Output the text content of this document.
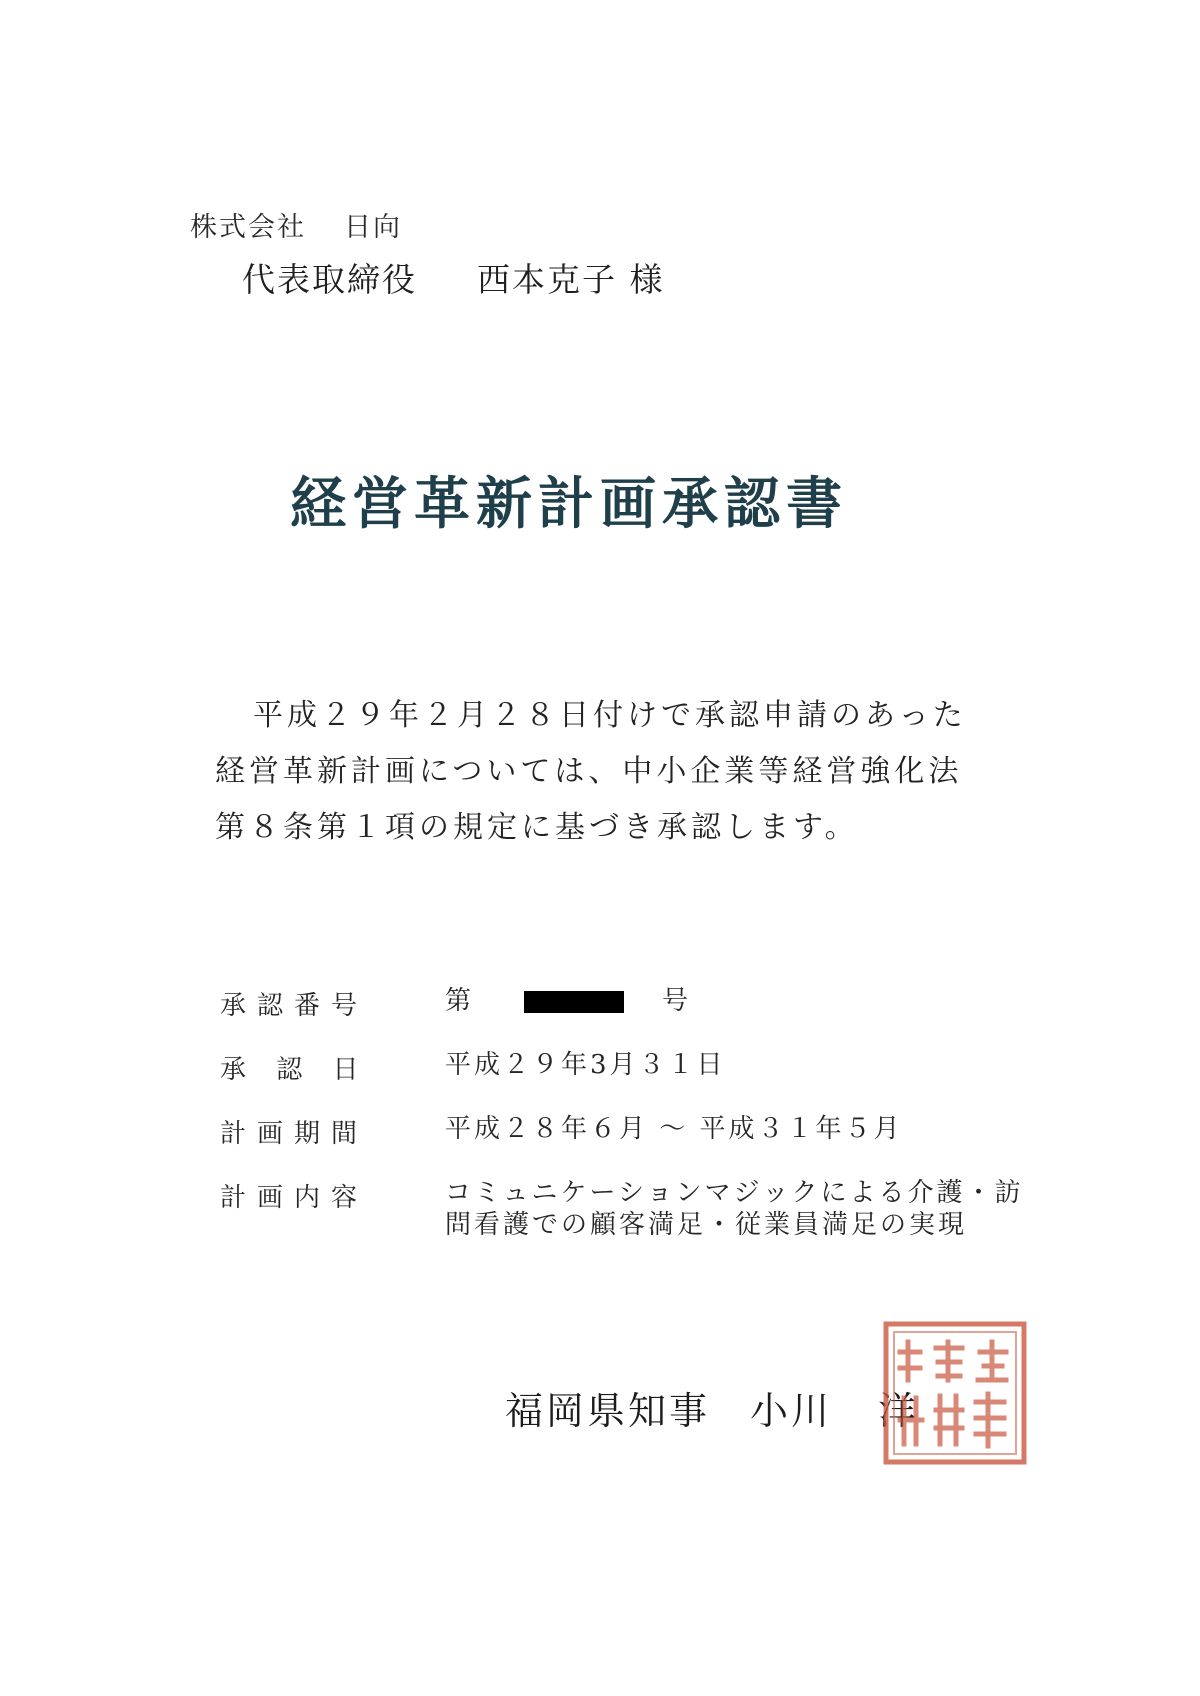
株式会社 日向
代表取締役 西本克子 様
経営革新計画承認書
平成２９年２月２８日付けで承認申請のあった
経営革新計画については、中小企業等経営強化法
第８条第１項の規定に基づき承認します。
承認番号	第	号
承 認 日	平成２９年3月３１日
計画期間	平成２８年６月 〜 平成３１年５月
計画内容	コミュニケーションマジックによる介護・訪
問看護での顧客満足・従業員満足の実現
福岡県知事 小川 洋
